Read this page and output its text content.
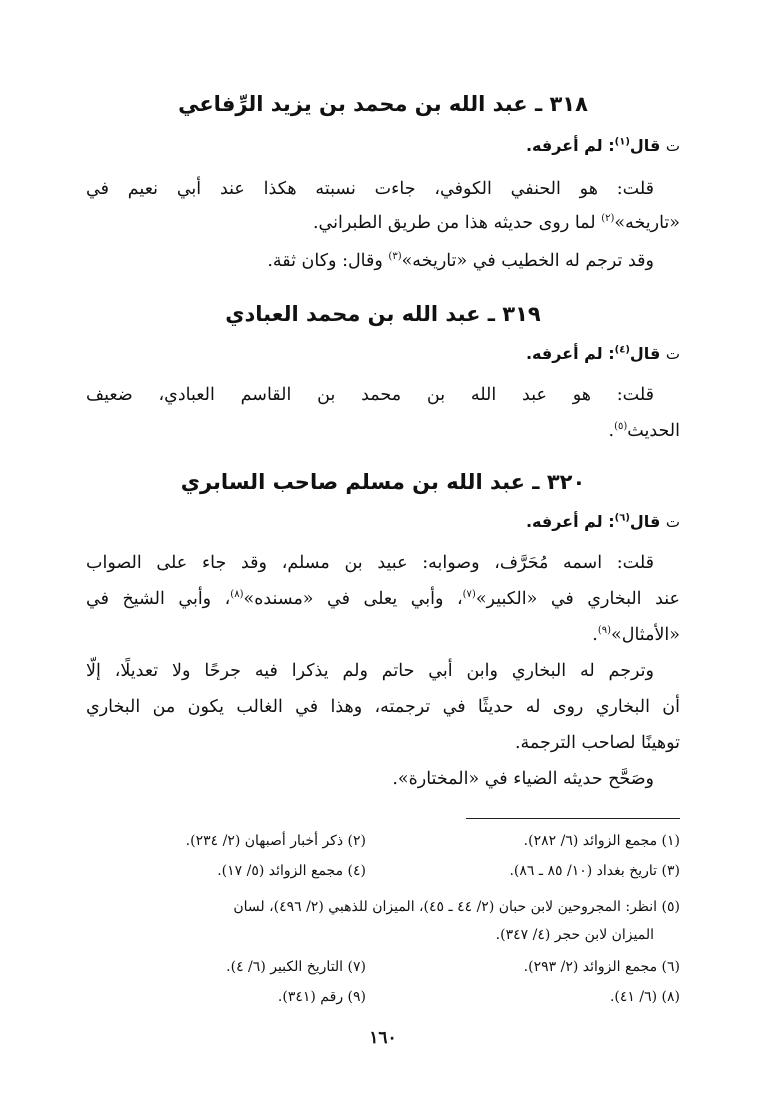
٣١٨ ـ عبد الله بن محمد بن يزيد الرِّفاعي
ت قال$^{(١)}$: لم أعرفه.
قلت: هو الحنفي الكوفي، جاءت نسبته هكذا عند أبي نعيم في
«تاريخه»$^{(٢)}$ لما روى حديثه هذا من طريق الطبراني.
وقد ترجم له الخطيب في «تاريخه»$^{(٣)}$ وقال: وكان ثقة.
٣١٩ ـ عبد الله بن محمد العبادي
ت قال$^{(٤)}$: لم أعرفه.
قلت: هو عبد الله بن محمد بن القاسم العبادي، ضعيف
الحديث$^{(٥)}$.
٣٢٠ ـ عبد الله بن مسلم صاحب السابري
ت قال$^{(٦)}$: لم أعرفه.
قلت: اسمه مُحَرَّف، وصوابه: عبيد بن مسلم، وقد جاء على الصواب
عند البخاري في «الكبير»$^{(٧)}$، وأبي يعلى في «مسنده»$^{(٨)}$، وأبي الشيخ في
«الأمثال»$^{(٩)}$.
وترجم له البخاري وابن أبي حاتم ولم يذكرا فيه جرحًا ولا تعديلًا، إلّا
أن البخاري روى له حديثًا في ترجمته، وهذا في الغالب يكون من البخاري
توهينًا لصاحب الترجمة.
وصَحَّح حديثه الضياء في «المختارة».
(١) مجمع الزوائد (٦/ ٢٨٢).
(٢) ذكر أخبار أصبهان (٢/ ٢٣٤).
(٣) تاريخ بغداد (١٠/ ٨٥ ـ ٨٦).
(٤) مجمع الزوائد (٥/ ١٧).
(٥) انظر: المجروحين لابن حبان (٢/ ٤٤ ـ ٤٥)، الميزان للذهبي (٢/ ٤٩٦)، لسان
الميزان لابن حجر (٤/ ٣٤٧).
(٦) مجمع الزوائد (٢/ ٢٩٣).
(٧) التاريخ الكبير (٦/ ٤).
(٨) (٦/ ٤١).
(٩) رقم (٣٤١).
١٦٠
